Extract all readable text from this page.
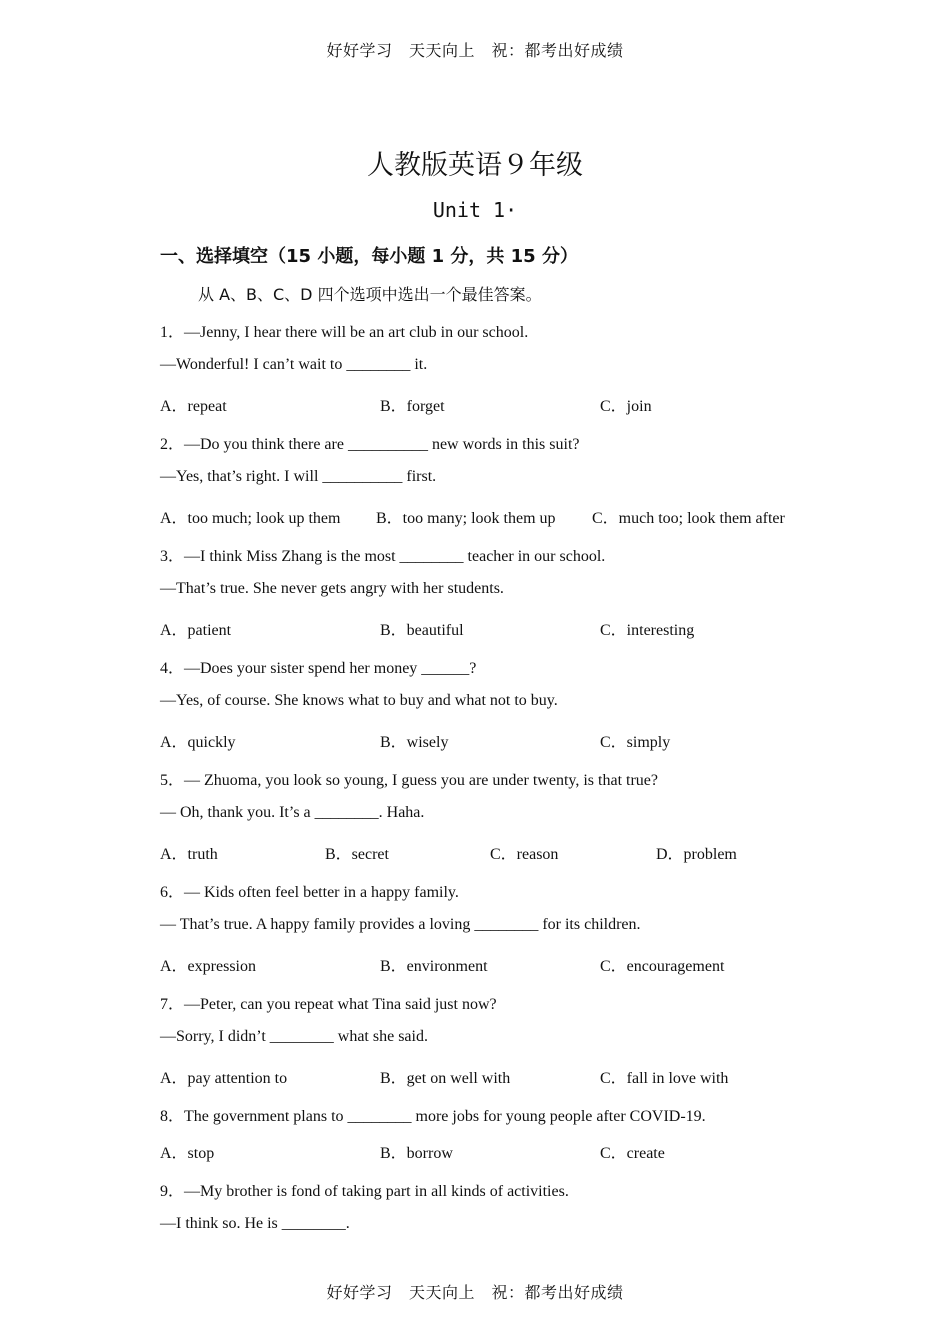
好好学习　天天向上　祝：都考出好成绩
人教版英语９年级
Unit 1·
一、选择填空（15 小题，每小题 1 分，共 15 分）
从 A、B、C、D 四个选项中选出一个最佳答案。
1．—Jenny, I hear there will be an art club in our school.
—Wonderful! I can’t wait to ________ it.
A．repeat	B．forget	C．join
2．—Do you think there are __________ new words in this suit?
—Yes, that’s right. I will __________ first.
A．too much; look up them B．too many; look them up C．much too; look them after
3．—I think Miss Zhang is the most ________ teacher in our school.
—That’s true. She never gets angry with her students.
A．patient	B．beautiful	C．interesting
4．—Does your sister spend her money ______?
—Yes, of course. She knows what to buy and what not to buy.
A．quickly	B．wisely	C．simply
5．— Zhuoma, you look so young, I guess you are under twenty, is that true?
— Oh, thank you. It’s a ________. Haha.
A．truth	B．secret	C．reason	D．problem
6．— Kids often feel better in a happy family.
— That’s true. A happy family provides a loving ________ for its children.
A．expression	B．environment	C．encouragement
7．—Peter, can you repeat what Tina said just now?
—Sorry, I didn’t ________ what she said.
A．pay attention to	B．get on well with	C．fall in love with
8．The government plans to ________ more jobs for young people after COVID-19.
A．stop	B．borrow	C．create
9．—My brother is fond of taking part in all kinds of activities.
—I think so. He is ________.
好好学习　天天向上　祝：都考出好成绩
